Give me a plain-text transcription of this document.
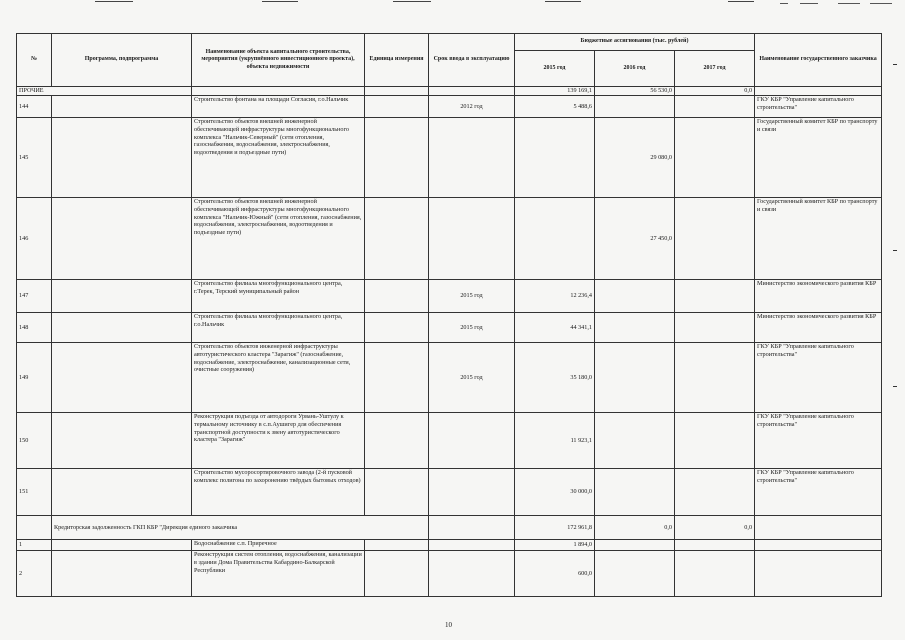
№	Программа, подпрограмма	Наименование объекта капитального строительства, мероприятия (укрупнённого инвестиционного проекта), объекта недвижимости	Единица измерения	Срок ввода в эксплуатацию	Бюджетные ассигнования (тыс. рублей)			Наименование государственного заказчика
					2015 год	2016 год	2017 год	
ПРОЧИЕ					139 169,1	56 530,0	0,0	
144		Строительство фонтана на площади Согласия, г.о.Нальчик		2012 год	5 488,6			ГКУ КБР "Управление капитального строительства"
145		Строительство объектов внешней инженерной обеспечивающей инфраструктуры многофункционального комплекса "Нальчик-Северный" (сети отопления, газоснабжения, водоснабжения, электроснабжения, водоотведения и подъездные пути)				29 080,0		Государственный комитет КБР по транспорту и связи
146		Строительство объектов внешней инженерной обеспечивающей инфраструктуры многофункционального комплекса "Нальчик-Южный" (сети отопления, газоснабжения, водоснабжения, электроснабжения, водоотведения и подъездные пути)				27 450,0		Государственный комитет КБР по транспорту и связи
147		Строительство филиала многофункционального центра, г.Терек, Терский муниципальный район		2015 год	12 236,4			Министерство экономического развития КБР
148		Строительство филиала многофункционального центра, г.о.Нальчик		2015 год	44 341,1			Министерство экономического развития КБР
149		Строительство объектов инженерной инфраструктуры автотуристического кластера "Зарагиж" (газоснабжение, водоснабжение, электроснабжение, канализационные сети, очистные сооружения)		2015 год	35 180,0			ГКУ КБР "Управление капитального строительства"
150		Реконструкция подъезда от автодороги Урвань-Уштулу к термальному источнику в с.п.Аушигер для обеспечения транспортной доступности к звену автотуристического кластера "Зарагиж"			11 923,1			ГКУ КБР "Управление капитального строительства"
151		Строительство мусоросортировочного завода (2-й пусковой комплекс полигона по захоронению твёрдых бытовых отходов)			30 000,0			ГКУ КБР "Управление капитального строительства"
	Кредиторская задолженность ГКП КБР "Дирекция единого заказчика				172 961,8	0,0	0,0	
1		Водоснабжение с.п. Приречное			1 894,0			
2		Реконструкция систем отопления, водоснабжения, канализации в здании Дома Правительства Кабардино-Балкарской Республики			600,0			
10
